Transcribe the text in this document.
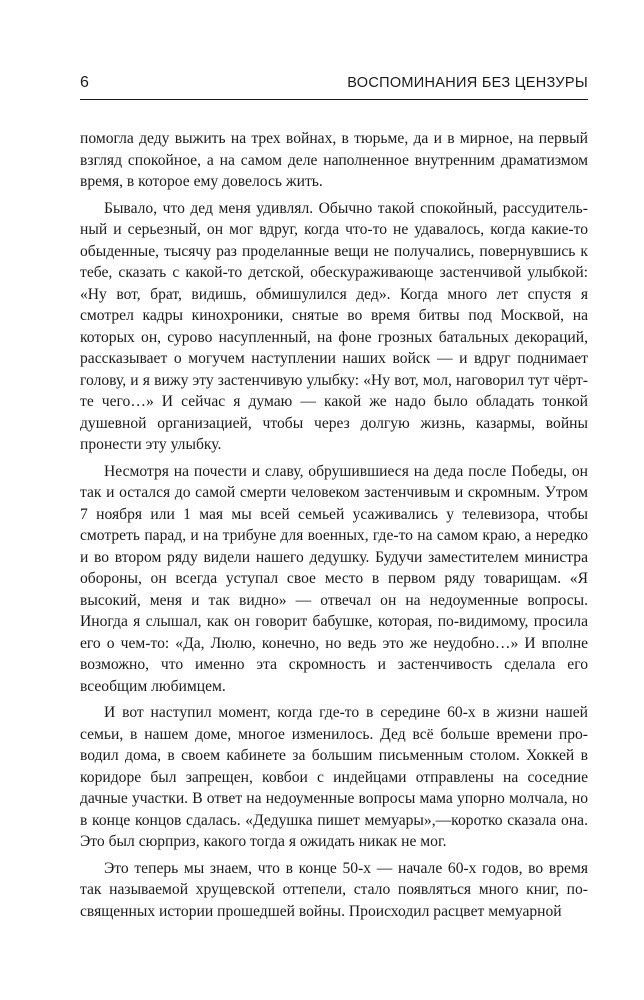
6	ВОСПОМИНАНИЯ БЕЗ ЦЕНЗУРЫ

помогла деду выжить на трех войнах, в тюрьме, да и в мирное, на первый взгляд спокойное, а на самом деле наполненное внутренним драматизмом время, в которое ему довелось жить.

Бывало, что дед меня удивлял. Обычно такой спокойный, рассудительный и серьезный, он мог вдруг, когда что-то не удавалось, когда какие-то обыденные, тысячу раз проделанные вещи не получались, повернувшись к тебе, сказать с какой-то детской, обескураживающе застенчивой улыбкой: «Ну вот, брат, видишь, обмишулился дед». Когда много лет спустя я смотрел кадры кинохроники, снятые во время битвы под Москвой, на которых он, сурово насупленный, на фоне грозных батальных декораций, рассказывает о могучем наступлении наших войск — и вдруг поднимает голову, и я вижу эту застенчивую улыбку: «Ну вот, мол, наговорил тут чёрт-те чего…» И сейчас я думаю — какой же надо было обладать тонкой душевной организацией, чтобы через долгую жизнь, казармы, войны пронести эту улыбку.

Несмотря на почести и славу, обрушившиеся на деда после Победы, он так и остался до самой смерти человеком застенчивым и скромным. Утром 7 ноября или 1 мая мы всей семьей усаживались у телевизора, чтобы смотреть парад, и на трибуне для военных, где-то на самом краю, а нередко и во втором ряду видели нашего дедушку. Будучи заместителем министра обороны, он всегда уступал свое место в первом ряду товарищам. «Я высокий, меня и так видно» — отвечал он на недоуменные вопросы. Иногда я слышал, как он говорит бабушке, которая, по-видимому, просила его о чем-то: «Да, Люлю, конечно, но ведь это же неудобно…» И вполне возможно, что именно эта скромность и застенчивость сделала его всеобщим любимцем.

И вот наступил момент, когда где-то в середине 60-х в жизни нашей семьи, в нашем доме, многое изменилось. Дед всё больше времени проводил дома, в своем кабинете за большим письменным столом. Хоккей в коридоре был запрещен, ковбои с индейцами отправлены на соседние дачные участки. В ответ на недоуменные вопросы мама упорно молчала, но в конце концов сдалась. «Дедушка пишет мемуары»,—коротко сказала она. Это был сюрприз, какого тогда я ожидать никак не мог.

Это теперь мы знаем, что в конце 50-х — начале 60-х годов, во время так называемой хрущевской оттепели, стало появляться много книг, посвященных истории прошедшей войны. Происходил расцвет мемуарной
